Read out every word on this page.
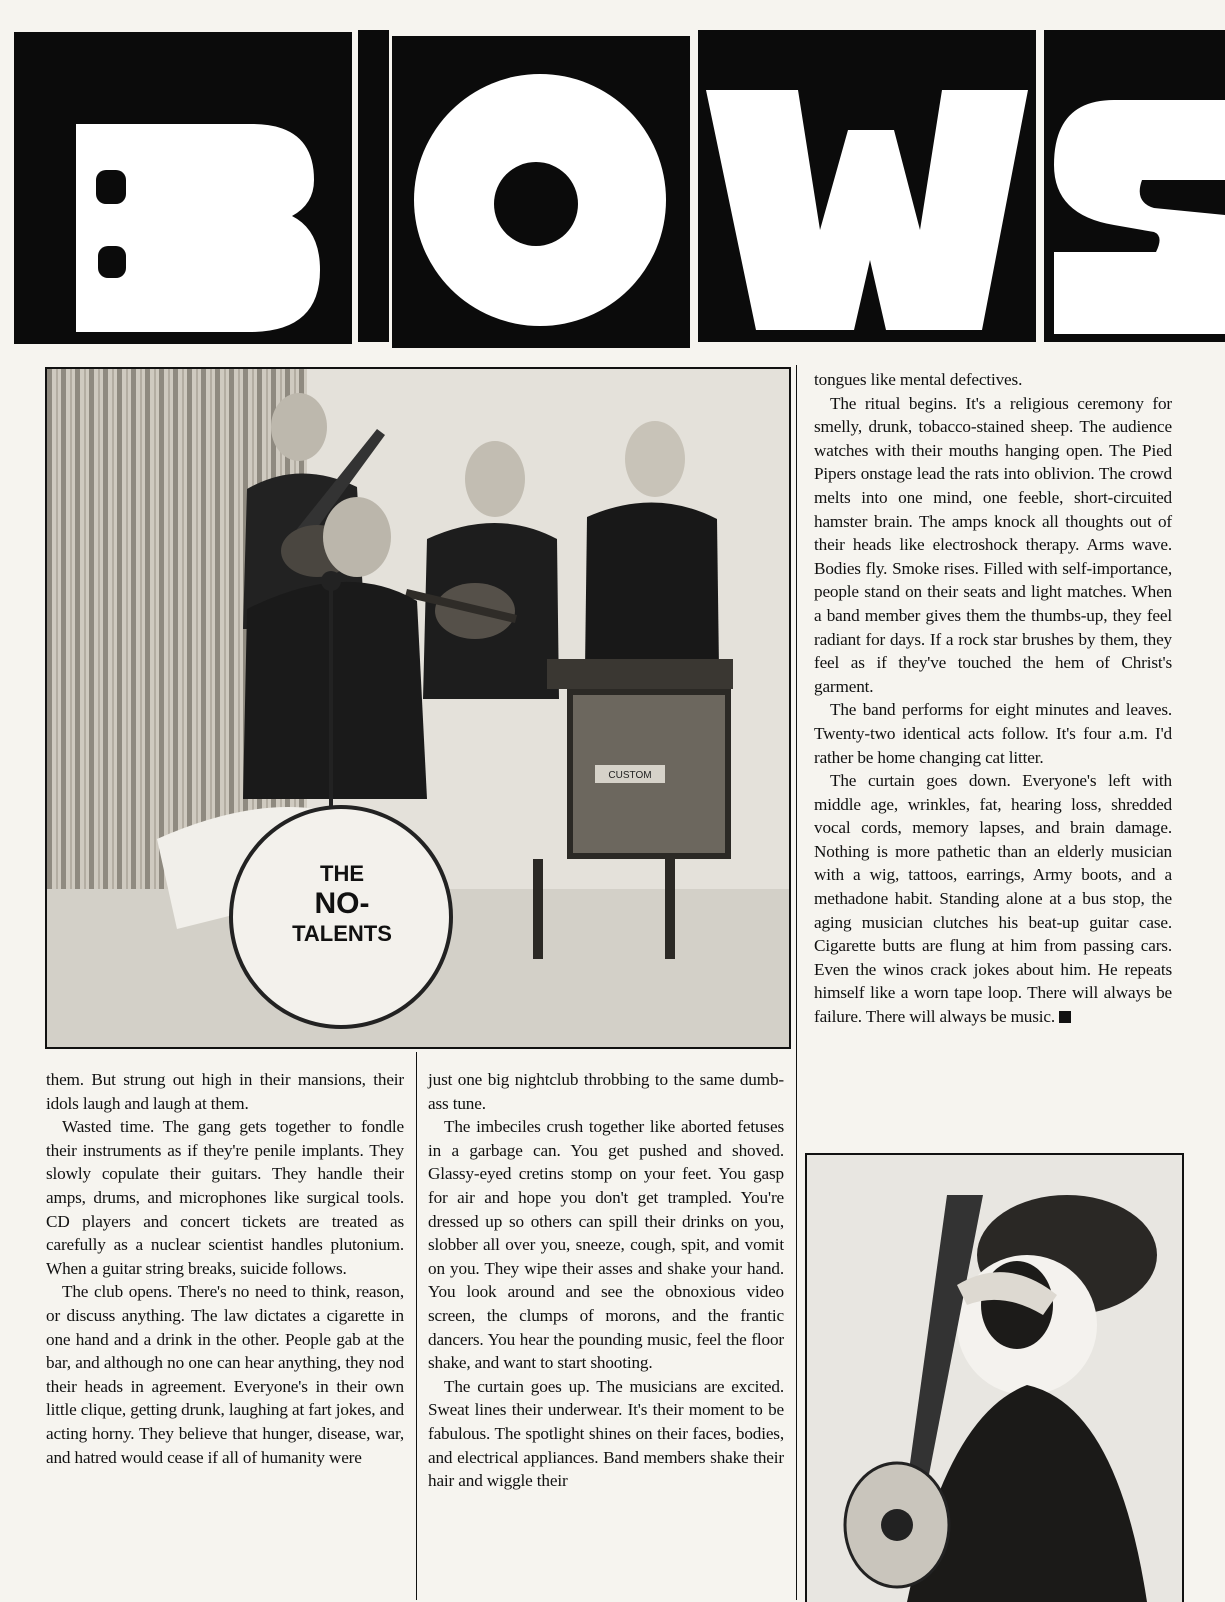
CUSTOM
THE
NO-
TALENTS

them. But strung out high in their mansions, their idols laugh and laugh at them.

Wasted time. The gang gets together to fondle their instruments as if they're penile implants. They slowly copulate their guitars. They handle their amps, drums, and microphones like surgical tools. CD players and concert tickets are treated as carefully as a nuclear scientist handles plutonium. When a guitar string breaks, suicide follows.

The club opens. There's no need to think, reason, or discuss anything. The law dictates a cigarette in one hand and a drink in the other. People gab at the bar, and although no one can hear anything, they nod their heads in agreement. Everyone's in their own little clique, getting drunk, laughing at fart jokes, and acting horny. They believe that hunger, disease, war, and hatred would cease if all of humanity were

just one big nightclub throbbing to the same dumb-ass tune.

The imbeciles crush together like aborted fetuses in a garbage can. You get pushed and shoved. Glassy-eyed cretins stomp on your feet. You gasp for air and hope you don't get trampled. You're dressed up so others can spill their drinks on you, slobber all over you, sneeze, cough, spit, and vomit on you. They wipe their asses and shake your hand. You look around and see the obnoxious video screen, the clumps of morons, and the frantic dancers. You hear the pounding music, feel the floor shake, and want to start shooting.

The curtain goes up. The musicians are excited. Sweat lines their underwear. It's their moment to be fabulous. The spotlight shines on their faces, bodies, and electrical appliances. Band members shake their hair and wiggle their

tongues like mental defectives.

The ritual begins. It's a religious ceremony for smelly, drunk, tobacco-stained sheep. The audience watches with their mouths hanging open. The Pied Pipers onstage lead the rats into oblivion. The crowd melts into one mind, one feeble, short-circuited hamster brain. The amps knock all thoughts out of their heads like electroshock therapy. Arms wave. Bodies fly. Smoke rises. Filled with self-importance, people stand on their seats and light matches. When a band member gives them the thumbs-up, they feel radiant for days. If a rock star brushes by them, they feel as if they've touched the hem of Christ's garment.

The band performs for eight minutes and leaves. Twenty-two identical acts follow. It's four a.m. I'd rather be home changing cat litter.

The curtain goes down. Everyone's left with middle age, wrinkles, fat, hearing loss, shredded vocal cords, memory lapses, and brain damage. Nothing is more pathetic than an elderly musician with a wig, tattoos, earrings, Army boots, and a methadone habit. Standing alone at a bus stop, the aging musician clutches his beat-up guitar case. Cigarette butts are flung at him from passing cars. Even the winos crack jokes about him. He repeats himself like a worn tape loop. There will always be failure. There will always be music.
